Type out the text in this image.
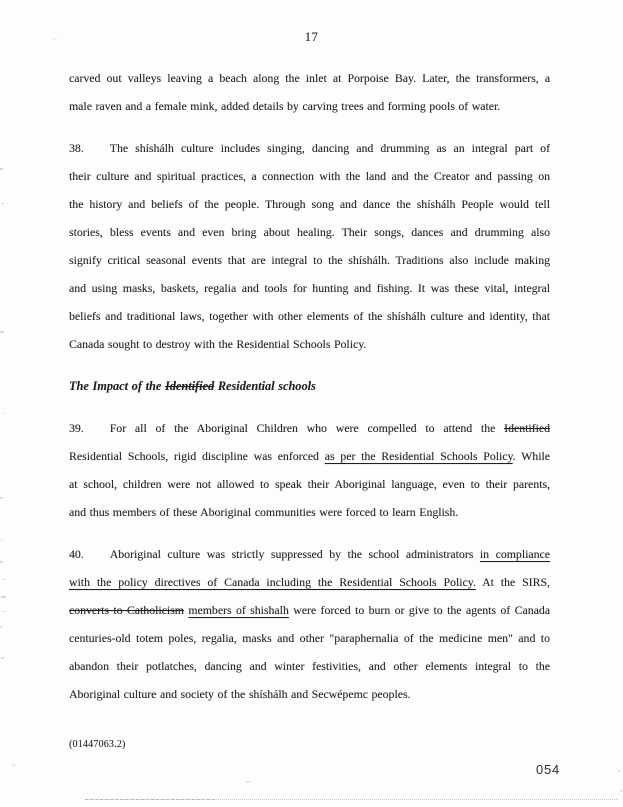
17
carved out valleys leaving a beach along the inlet at Porpoise Bay. Later, the transformers, a
male raven and a female mink, added details by carving trees and forming pools of water.
38. The shíshálh culture includes singing, dancing and drumming as an integral part of
their culture and spiritual practices, a connection with the land and the Creator and passing on
the history and beliefs of the people. Through song and dance the shíshálh People would tell
stories, bless events and even bring about healing. Their songs, dances and drumming also
signify critical seasonal events that are integral to the shíshálh. Traditions also include making
and using masks, baskets, regalia and tools for hunting and fishing. It was these vital, integral
beliefs and traditional laws, together with other elements of the shíshálh culture and identity, that
Canada sought to destroy with the Residential Schools Policy.
The Impact of the Identified Residential schools
39. For all of the Aboriginal Children who were compelled to attend the Identified
Residential Schools, rigid discipline was enforced as per the Residential Schools Policy. While
at school, children were not allowed to speak their Aboriginal language, even to their parents,
and thus members of these Aboriginal communities were forced to learn English.
40. Aboriginal culture was strictly suppressed by the school administrators in compliance
with the policy directives of Canada including the Residential Schools Policy. At the SIRS,
converts to Catholicism members of shishalh were forced to burn or give to the agents of Canada
centuries-old totem poles, regalia, masks and other "paraphernalia of the medicine men" and to
abandon their potlatches, dancing and winter festivities, and other elements integral to the
Aboriginal culture and society of the shíshálh and Secwépemc peoples.
(01447063.2)
054
